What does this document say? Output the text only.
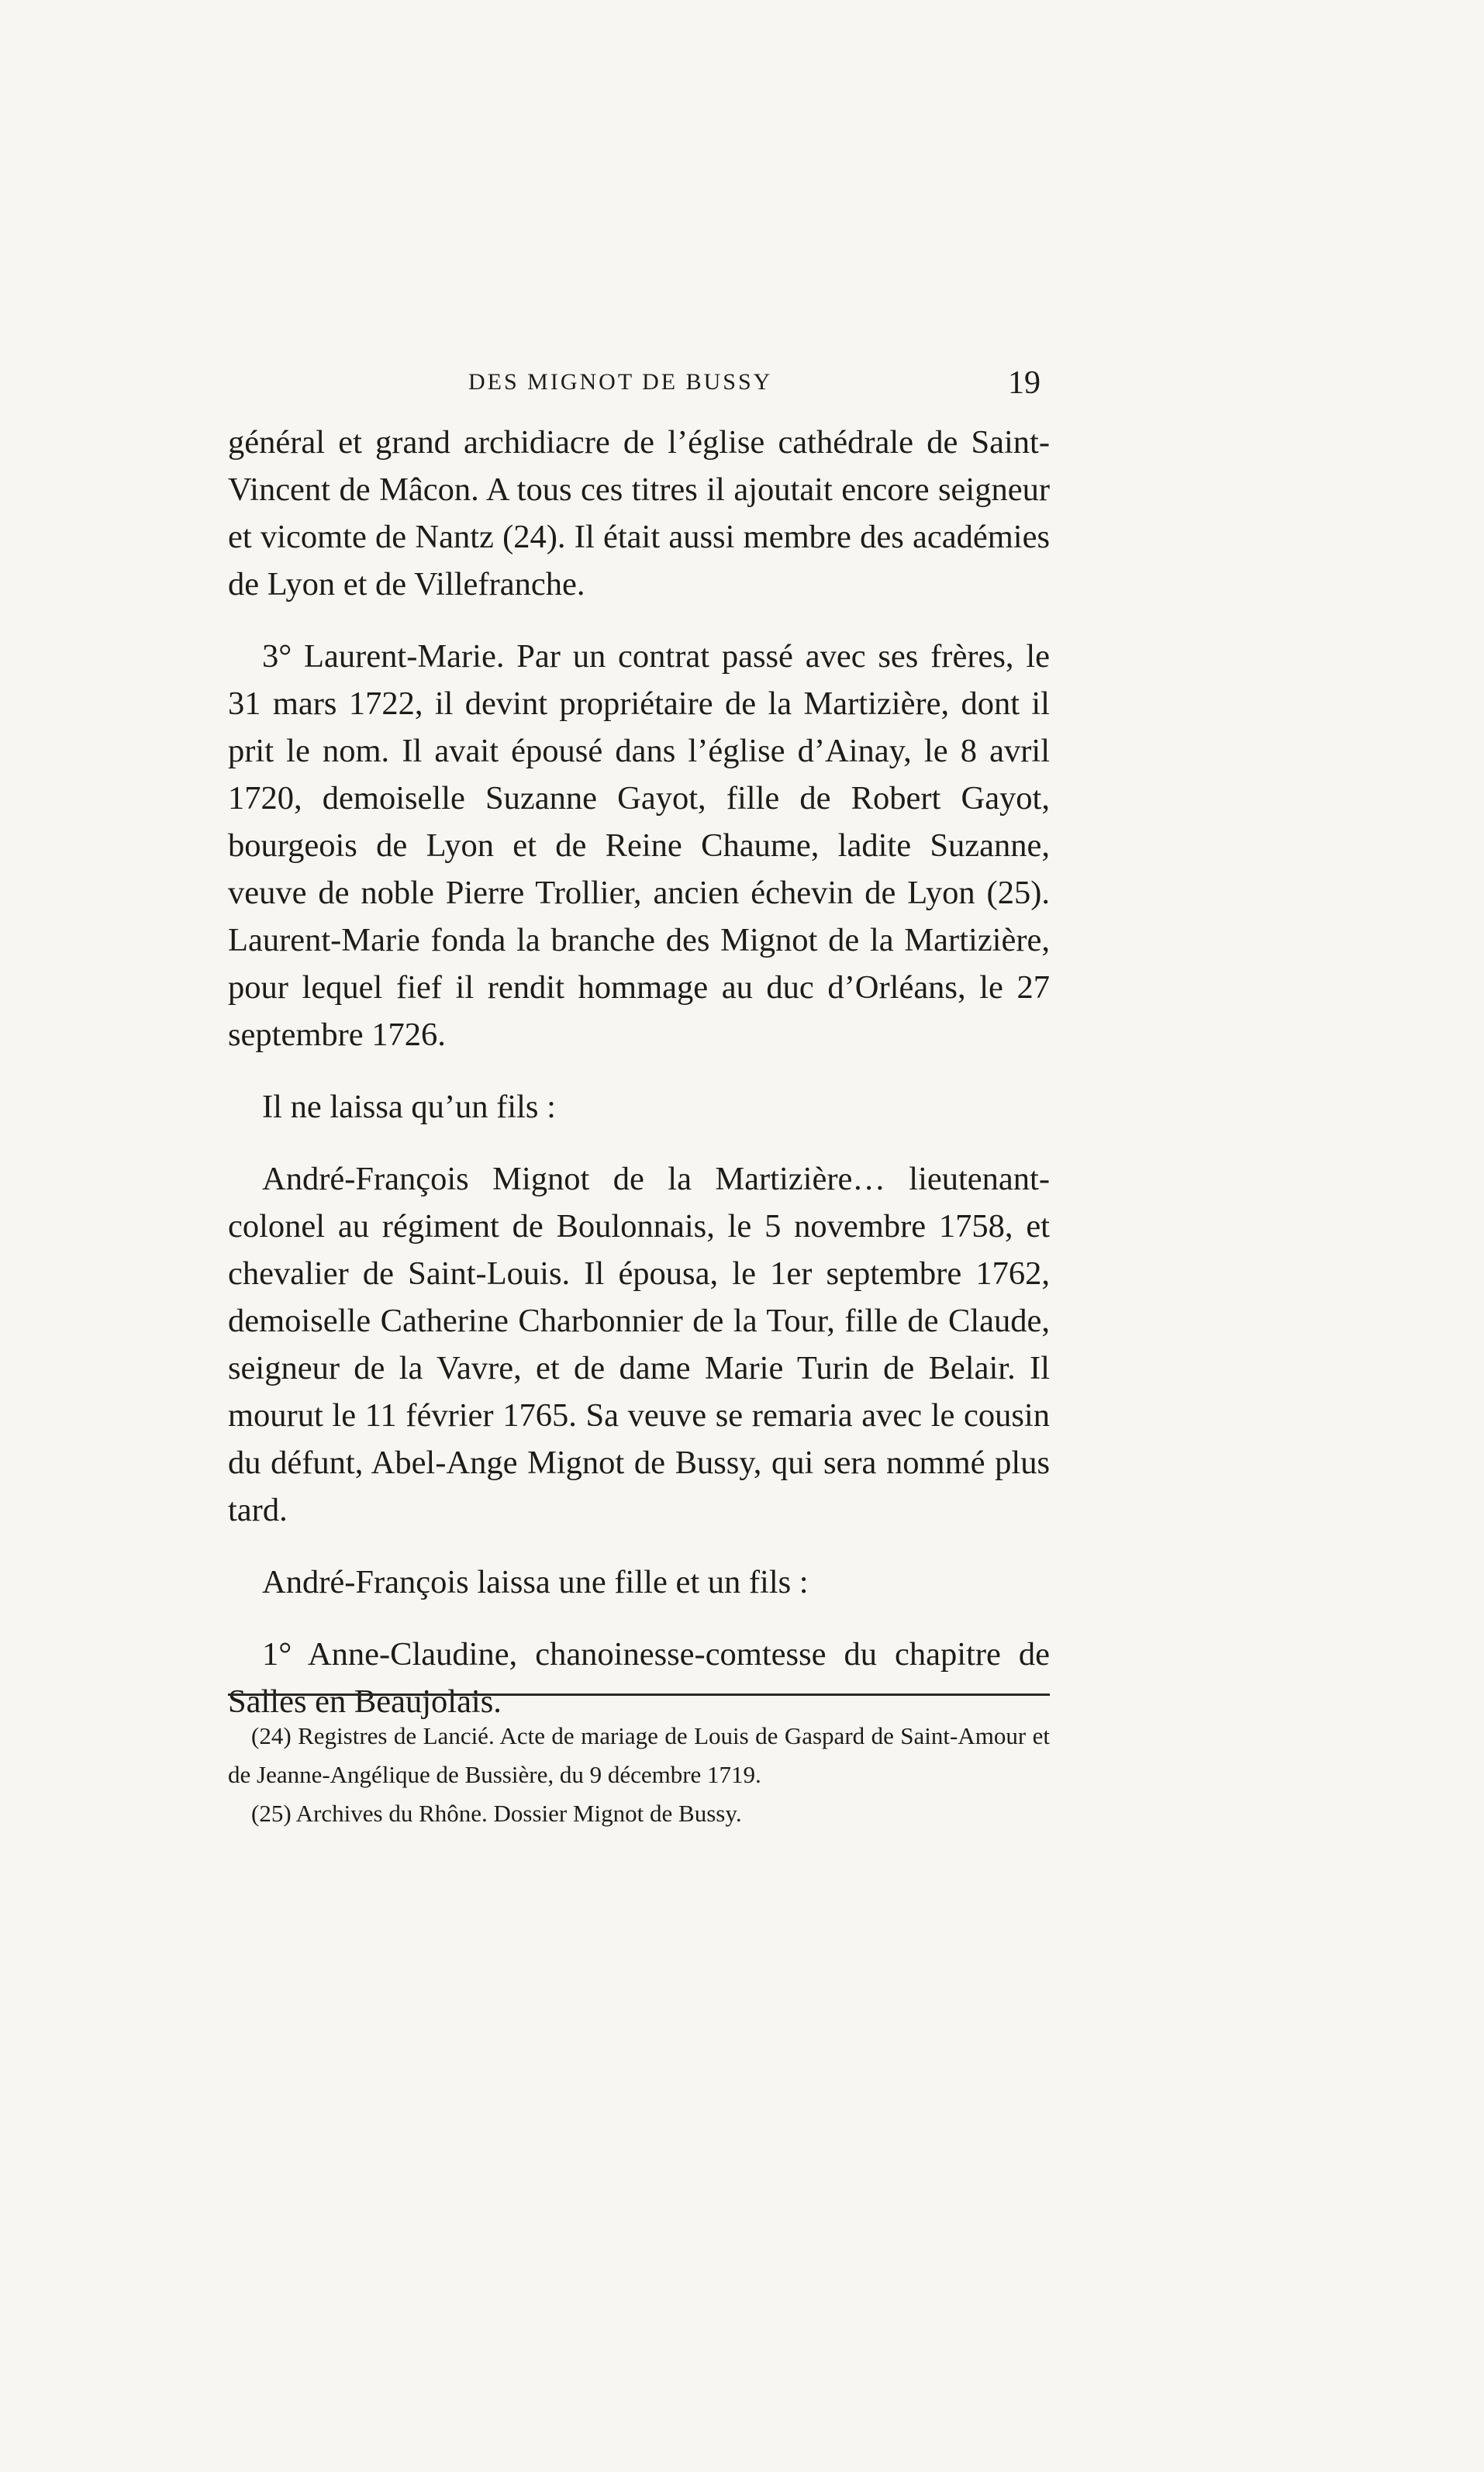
DES MIGNOT DE BUSSY	19

général et grand archidiacre de l’église cathédrale de Saint-Vincent de Mâcon. A tous ces titres il ajoutait encore seigneur et vicomte de Nantz (24). Il était aussi membre des académies de Lyon et de Villefranche.

3° Laurent-Marie. Par un contrat passé avec ses frères, le 31 mars 1722, il devint propriétaire de la Martizière, dont il prit le nom. Il avait épousé dans l’église d’Ainay, le 8 avril 1720, demoiselle Suzanne Gayot, fille de Robert Gayot, bourgeois de Lyon et de Reine Chaume, ladite Suzanne, veuve de noble Pierre Trollier, ancien échevin de Lyon (25). Laurent-Marie fonda la branche des Mignot de la Martizière, pour lequel fief il rendit hommage au duc d’Orléans, le 27 septembre 1726.

Il ne laissa qu’un fils :

André-François Mignot de la Martizière… lieutenant-colonel au régiment de Boulonnais, le 5 novembre 1758, et chevalier de Saint-Louis. Il épousa, le 1er septembre 1762, demoiselle Catherine Charbonnier de la Tour, fille de Claude, seigneur de la Vavre, et de dame Marie Turin de Belair. Il mourut le 11 février 1765. Sa veuve se remaria avec le cousin du défunt, Abel-Ange Mignot de Bussy, qui sera nommé plus tard.

André-François laissa une fille et un fils :

1° Anne-Claudine, chanoinesse-comtesse du chapitre de Salles en Beaujolais.

(24) Registres de Lancié. Acte de mariage de Louis de Gaspard de Saint-Amour et de Jeanne-Angélique de Bussière, du 9 décembre 1719.

(25) Archives du Rhône. Dossier Mignot de Bussy.
